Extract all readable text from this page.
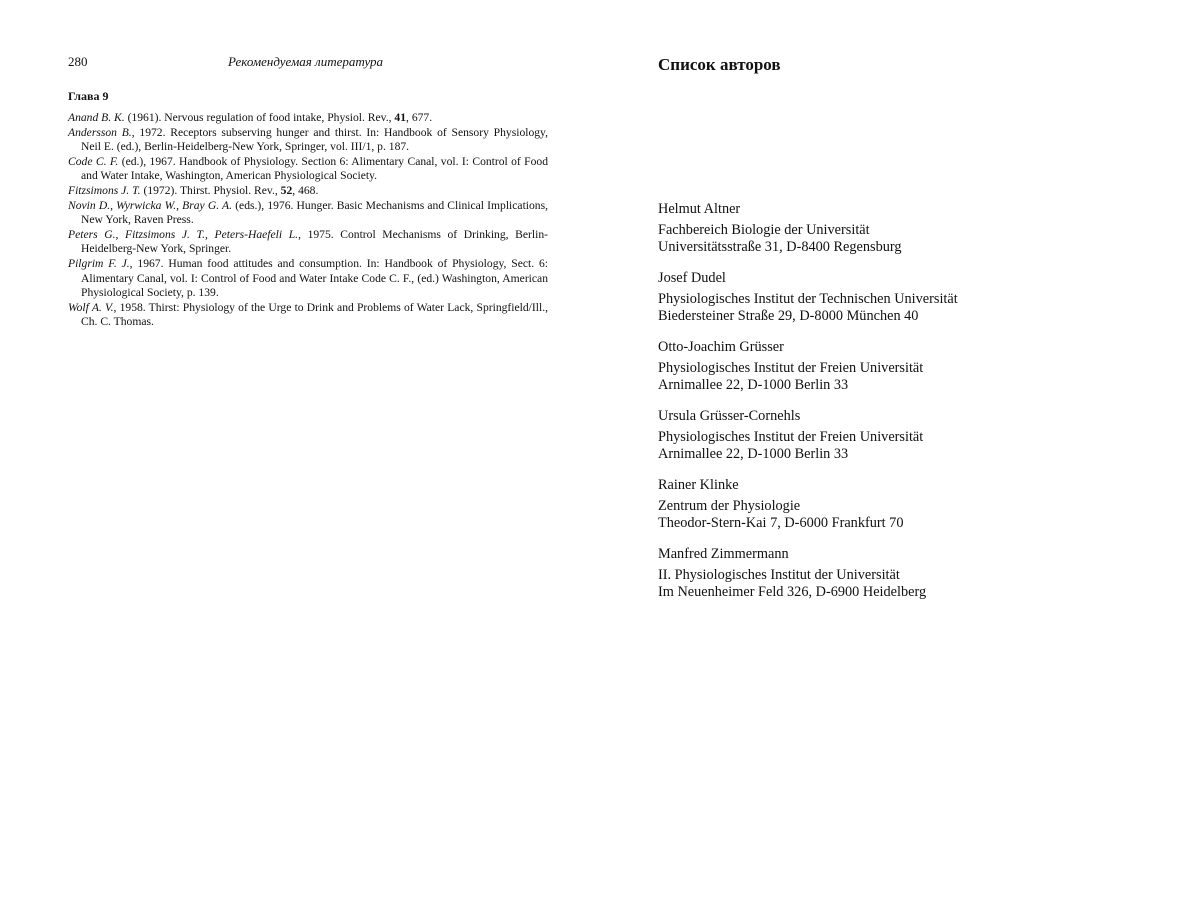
280	Рекомендуемая литература
Глава 9
Anand B. K. (1961). Nervous regulation of food intake, Physiol. Rev., 41, 677.
Andersson B., 1972. Receptors subserving hunger and thirst. In: Handbook of Sensory Physiology, Neil E. (ed.), Berlin-Heidelberg-New York, Springer, vol. III/1, p. 187.
Code C. F. (ed.), 1967. Handbook of Physiology. Section 6: Alimentary Canal, vol. I: Control of Food and Water Intake, Washington, American Physiological Society.
Fitzsimons J. T. (1972). Thirst. Physiol. Rev., 52, 468.
Novin D., Wyrwicka W., Bray G. A. (eds.), 1976. Hunger. Basic Mechanisms and Clinical Implications, New York, Raven Press.
Peters G., Fitzsimons J. T., Peters-Haefeli L., 1975. Control Mechanisms of Drinking, Berlin-Heidelberg-New York, Springer.
Pilgrim F. J., 1967. Human food attitudes and consumption. In: Handbook of Physiology, Sect. 6: Alimentary Canal, vol. I: Control of Food and Water Intake Code C. F., (ed.) Washington, American Physiological Society, p. 139.
Wolf A. V., 1958. Thirst: Physiology of the Urge to Drink and Problems of Water Lack, Springfield/Ill., Ch. C. Thomas.
Список авторов
Helmut Altner
Fachbereich Biologie der Universität
Universitätsstraße 31, D-8400 Regensburg
Josef Dudel
Physiologisches Institut der Technischen Universität
Biedersteiner Straße 29, D-8000 München 40
Otto-Joachim Grüsser
Physiologisches Institut der Freien Universität
Arnimallee 22, D-1000 Berlin 33
Ursula Grüsser-Cornehls
Physiologisches Institut der Freien Universität
Arnimallee 22, D-1000 Berlin 33
Rainer Klinke
Zentrum der Physiologie
Theodor-Stern-Kai 7, D-6000 Frankfurt 70
Manfred Zimmermann
II. Physiologisches Institut der Universität
Im Neuenheimer Feld 326, D-6900 Heidelberg
